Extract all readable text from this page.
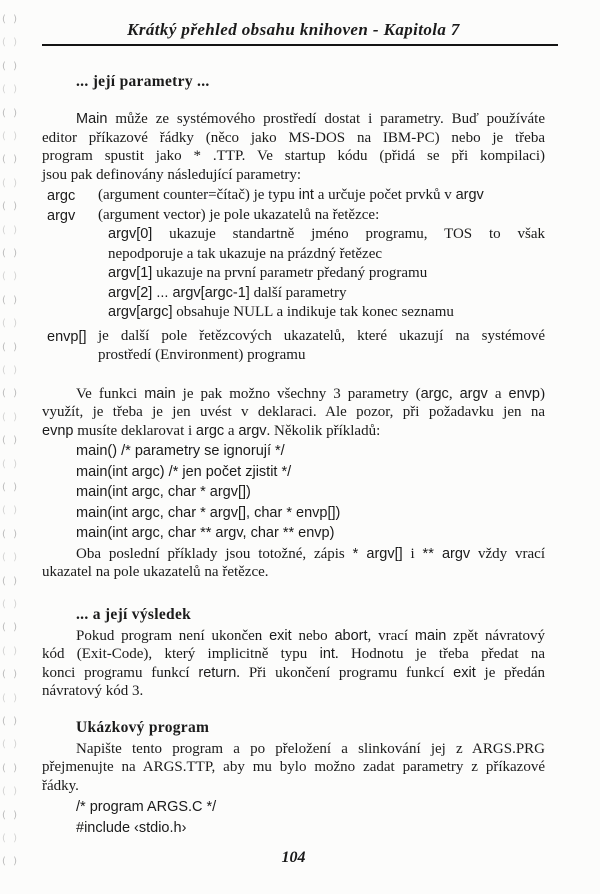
( )
( )
( )
( )
( )
( )
( )
( )
( )
( )
( )
( )
( )
( )
( )
( )
( )
( )
( )
( )
( )
( )
( )
( )
( )
( )
( )
( )
( )
( )
( )
( )
( )
( )
( )
( )
( )
Krátký přehled obsahu knihoven - Kapitola 7
... její parametry ...
Main může ze systémového prostředí dostat i parametry. Buď používáte
editor příkazové řádky (něco jako MS-DOS na IBM-PC) nebo je třeba
program spustit jako * .TTP. Ve startup kódu (přidá se při kompilaci)
jsou pak definovány následující parametry:
argc (argument counter=čítač) je typu int a určuje počet prvků v argv
argv (argument vector) je pole ukazatelů na řetězce:
argv[0] ukazuje standartně jméno programu, TOS to však
nepodporuje a tak ukazuje na prázdný řetězec
argv[1] ukazuje na první parametr předaný programu
argv[2] ... argv[argc-1] další parametry
argv[argc] obsahuje NULL a indikuje tak konec seznamu
envp[] je další pole řetězcových ukazatelů, které ukazují na systémové
prostředí (Environment) programu
Ve funkci main je pak možno všechny 3 parametry (argc, argv a envp)
využít, je třeba je jen uvést v deklaraci. Ale pozor, při požadavku jen na
evnp musíte deklarovat i argc a argv. Několik příkladů:
main() /* parametry se ignorují */
main(int argc) /* jen počet zjistit */
main(int argc, char * argv[])
main(int argc, char * argv[], char * envp[])
main(int argc, char ** argv, char ** envp)
Oba poslední příklady jsou totožné, zápis * argv[] i ** argv vždy vrací
ukazatel na pole ukazatelů na řetězce.
... a její výsledek
Pokud program není ukončen exit nebo abort, vrací main zpět návratový
kód (Exit-Code), který implicitně typu int. Hodnotu je třeba předat na
konci programu funkcí return. Při ukončení programu funkcí exit je předán
návratový kód 3.
Ukázkový program
Napište tento program a po přeložení a slinkování jej z ARGS.PRG
přejmenujte na ARGS.TTP, aby mu bylo možno zadat parametry z příkazové
řádky.
/* program ARGS.C */
#include ‹stdio.h›
104
